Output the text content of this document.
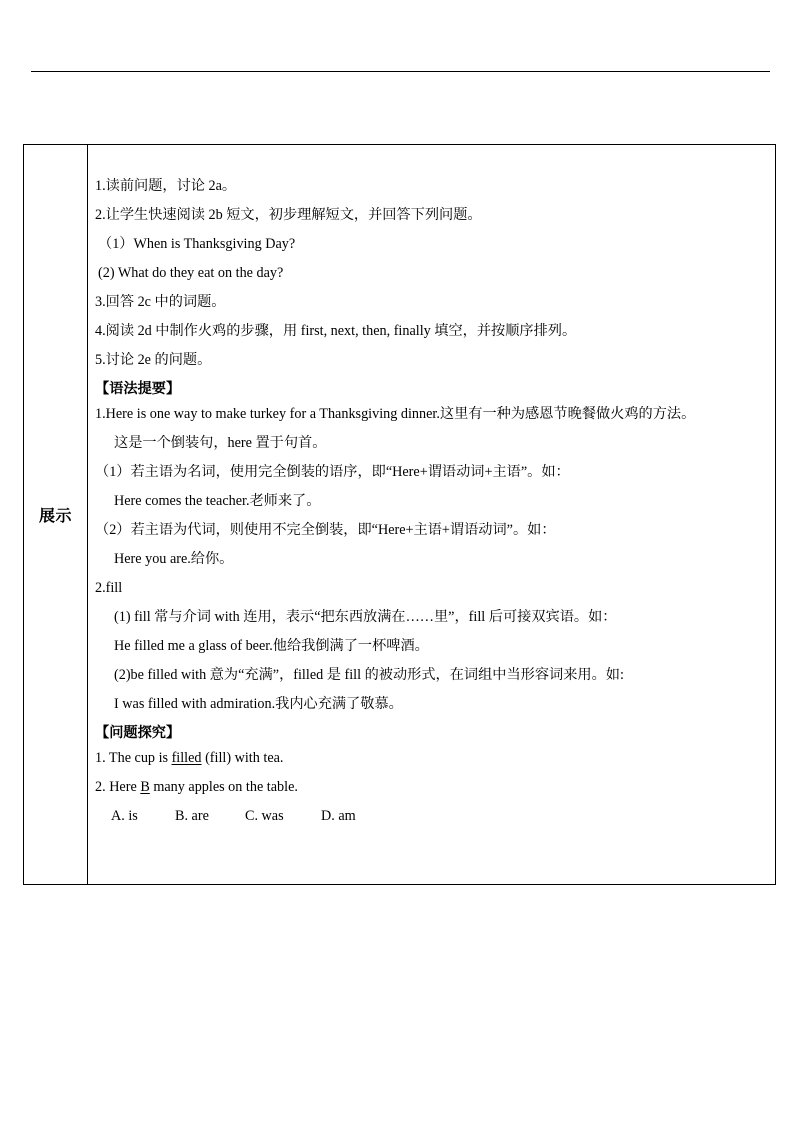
展示
1.读前问题，讨论 2a。
2.让学生快速阅读 2b 短文，初步理解短文，并回答下列问题。
（1）When is Thanksgiving Day?
(2) What do they eat on the day?
3.回答 2c 中的词题。
4.阅读 2d 中制作火鸡的步骤，用 first, next, then, finally 填空，并按顺序排列。
5.讨论 2e 的问题。
【语法提要】
1.Here is one way to make turkey for a Thanksgiving dinner.这里有一种为感恩节晚餐做火鸡的方法。
这是一个倒装句，here 置于句首。
（1）若主语为名词，使用完全倒装的语序，即“Here+谓语动词+主语”。如：
Here comes the teacher.老师来了。
（2）若主语为代词，则使用不完全倒装，即“Here+主语+谓语动词”。如：
Here you are.给你。
2.fill
(1) fill 常与介词 with 连用，表示“把东西放满在……里”，fill 后可接双宾语。如：
He filled me a glass of beer.他给我倒满了一杯啤酒。
(2)be filled with 意为“充满”，filled 是 fill 的被动形式，在词组中当形容词来用。如:
I was filled with admiration.我内心充满了敬慕。
【问题探究】
1. The cup is filled (fill) with tea.
2. Here B many apples on the table.
A. is	B. are	C. was	D. am
